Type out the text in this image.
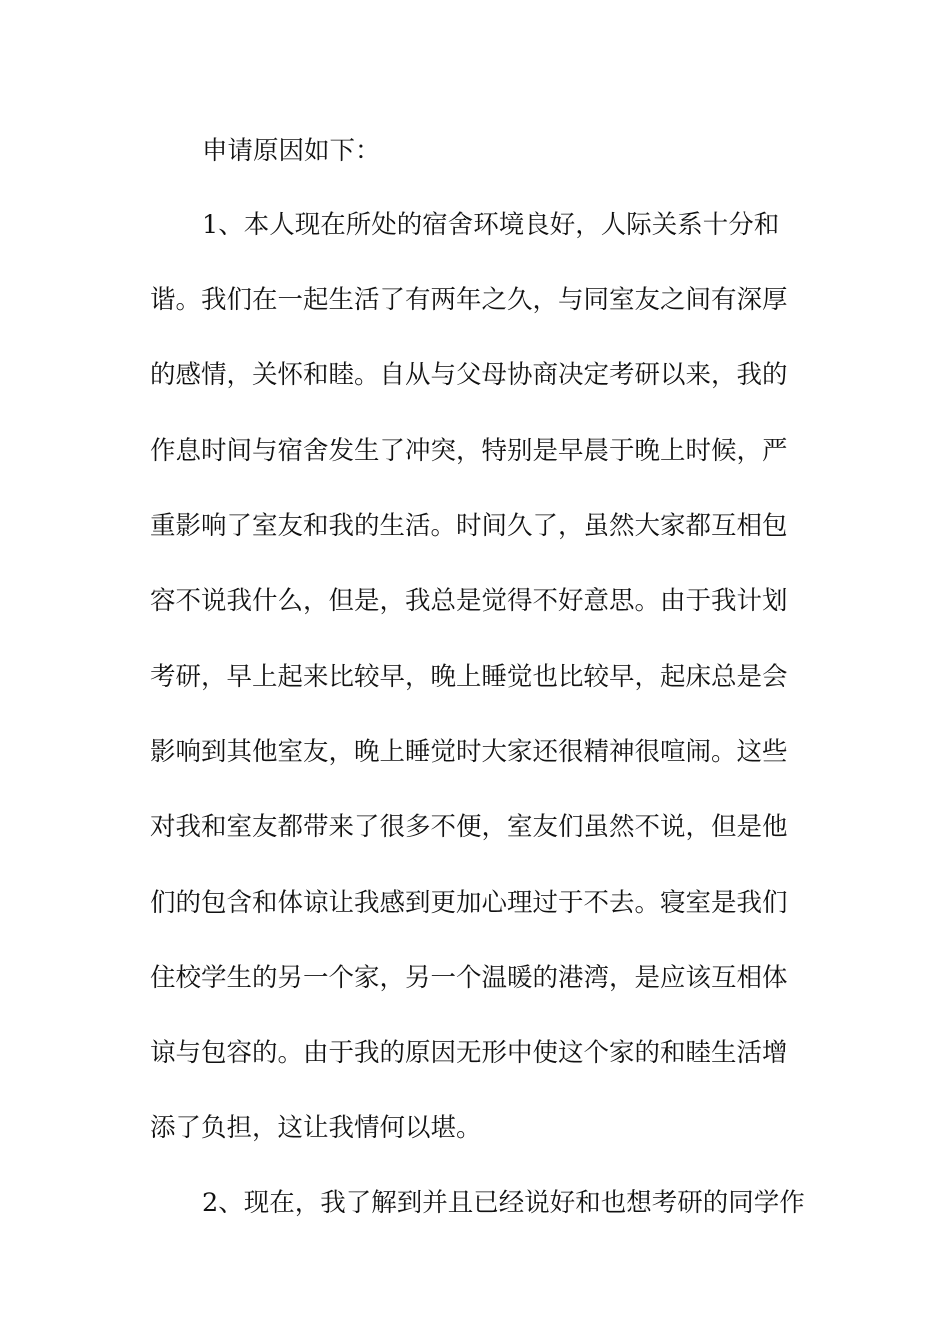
申请原因如下：
1、本人现在所处的宿舍环境良好，人际关系十分和
谐。我们在一起生活了有两年之久，与同室友之间有深厚
的感情，关怀和睦。自从与父母协商决定考研以来，我的
作息时间与宿舍发生了冲突，特别是早晨于晚上时候，严
重影响了室友和我的生活。时间久了，虽然大家都互相包
容不说我什么，但是，我总是觉得不好意思。由于我计划
考研，早上起来比较早，晚上睡觉也比较早，起床总是会
影响到其他室友，晚上睡觉时大家还很精神很喧闹。这些
对我和室友都带来了很多不便，室友们虽然不说，但是他
们的包含和体谅让我感到更加心理过于不去。寝室是我们
住校学生的另一个家，另一个温暖的港湾，是应该互相体
谅与包容的。由于我的原因无形中使这个家的和睦生活增
添了负担，这让我情何以堪。
2、现在，我了解到并且已经说好和也想考研的同学作
